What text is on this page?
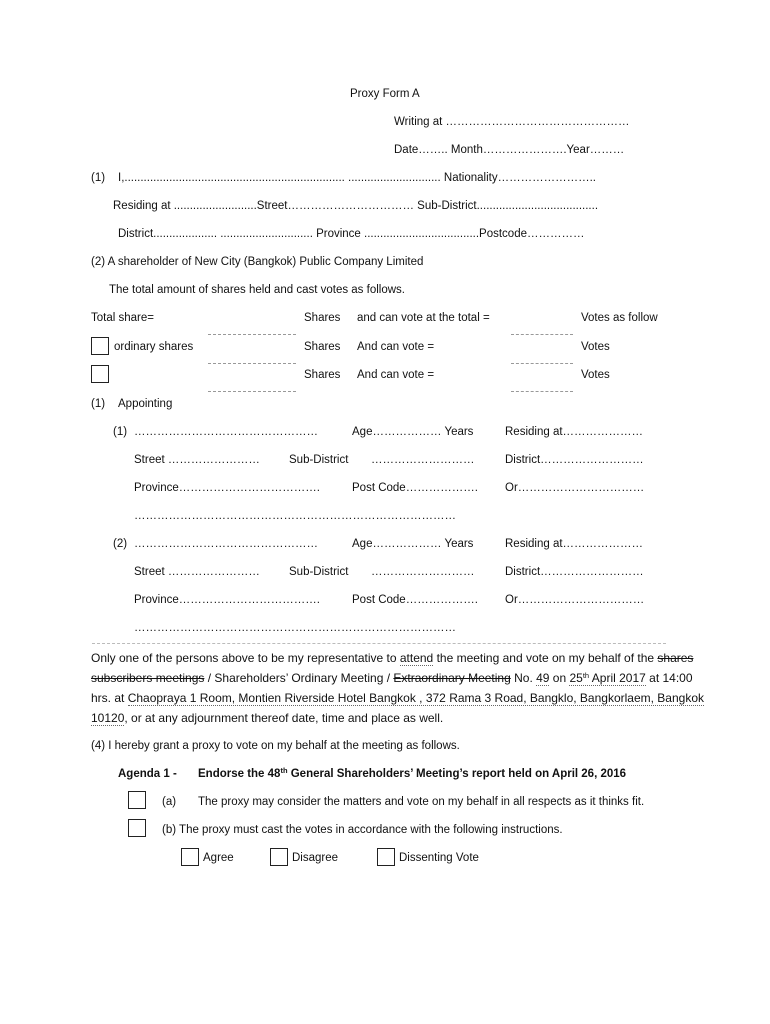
Proxy Form A
Writing at …………………………………………
Date…….. Month………………….Year………
(1) I,..................................................................... ............................. Nationality……………………..
Residing at ..........................Street…………………………… Sub-District......................................
District.................... ............................. Province ....................................Postcode……………
(2) A shareholder of New City (Bangkok) Public Company Limited
The total amount of shares held and cast votes as follows.
Total share=	Shares and can vote at the total =	Votes as follow
ordinary shares	Shares And can vote =	Votes
Shares And can vote =	Votes
(1) Appointing
(1) …………………………………………	Age……………… Years	Residing at…………………
Street ……………………	Sub-District ………………………	District………………………
Province……………………………….	Post Code………………. Or……………………………
…………………………………………………………………………
(2) …………………………………………	Age……………… Years	Residing at…………………
Street ……………………	Sub-District ………………………	District………………………
Province……………………………….	Post Code………………. Or……………………………
…………………………………………………………………………
Only one of the persons above to be my representative to attend the meeting and vote on my behalf of the shares
subscribers meetings / Shareholders’ Ordinary Meeting / Extraordinary Meeting No. 49 on 25th April 2017 at 14:00
hrs. at Chaopraya 1 Room, Montien Riverside Hotel Bangkok , 372 Rama 3 Road, Bangklo, Bangkorlaem, Bangkok
10120, or at any adjournment thereof date, time and place as well.
(4) I hereby grant a proxy to vote on my behalf at the meeting as follows.
Agenda 1 - Endorse the 48th General Shareholders’ Meeting’s report held on April 26, 2016
(a) The proxy may consider the matters and vote on my behalf in all respects as it thinks fit.
(b) The proxy must cast the votes in accordance with the following instructions.
Agree	Disagree	Dissenting Vote
